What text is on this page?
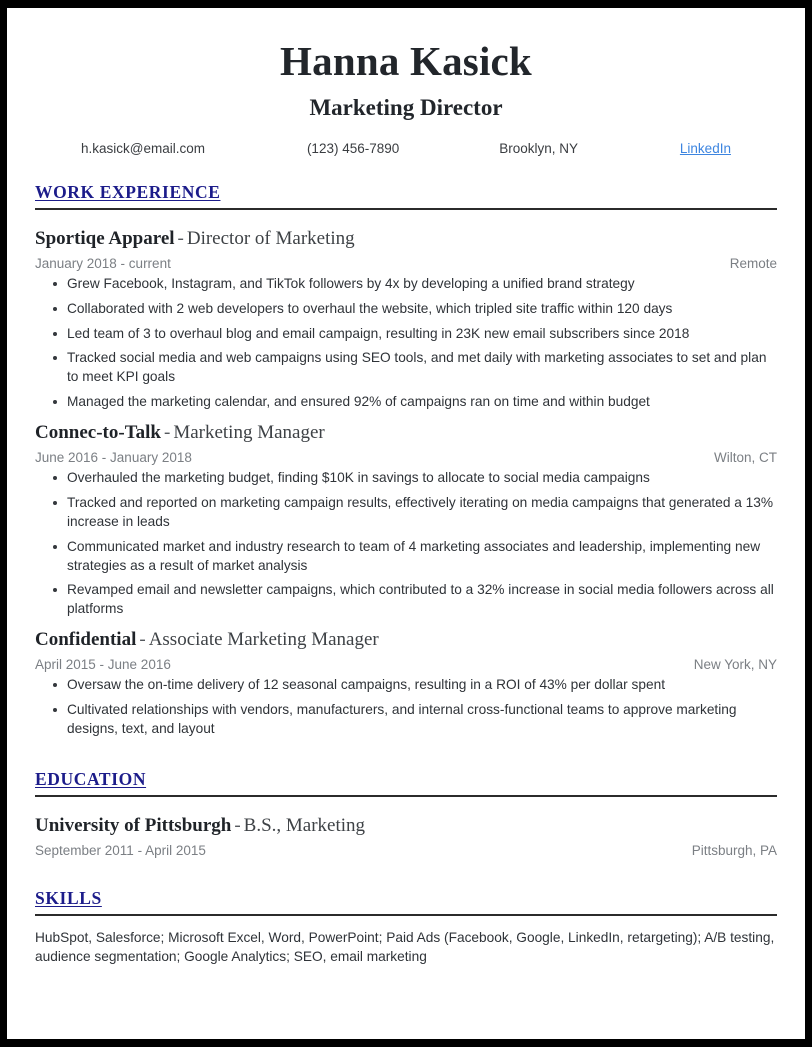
Hanna Kasick
Marketing Director
h.kasick@email.com	(123) 456-7890	Brooklyn, NY	LinkedIn
WORK EXPERIENCE
Sportiqe Apparel - Director of Marketing
January 2018 - current	Remote
Grew Facebook, Instagram, and TikTok followers by 4x by developing a unified brand strategy
Collaborated with 2 web developers to overhaul the website, which tripled site traffic within 120 days
Led team of 3 to overhaul blog and email campaign, resulting in 23K new email subscribers since 2018
Tracked social media and web campaigns using SEO tools, and met daily with marketing associates to set and plan to meet KPI goals
Managed the marketing calendar, and ensured 92% of campaigns ran on time and within budget
Connec-to-Talk - Marketing Manager
June 2016 - January 2018	Wilton, CT
Overhauled the marketing budget, finding $10K in savings to allocate to social media campaigns
Tracked and reported on marketing campaign results, effectively iterating on media campaigns that generated a 13% increase in leads
Communicated market and industry research to team of 4 marketing associates and leadership, implementing new strategies as a result of market analysis
Revamped email and newsletter campaigns, which contributed to a 32% increase in social media followers across all platforms
Confidential - Associate Marketing Manager
April 2015 - June 2016	New York, NY
Oversaw the on-time delivery of 12 seasonal campaigns, resulting in a ROI of 43% per dollar spent
Cultivated relationships with vendors, manufacturers, and internal cross-functional teams to approve marketing designs, text, and layout
EDUCATION
University of Pittsburgh - B.S., Marketing
September 2011 - April 2015	Pittsburgh, PA
SKILLS
HubSpot, Salesforce; Microsoft Excel, Word, PowerPoint; Paid Ads (Facebook, Google, LinkedIn, retargeting); A/B testing, audience segmentation; Google Analytics; SEO, email marketing
